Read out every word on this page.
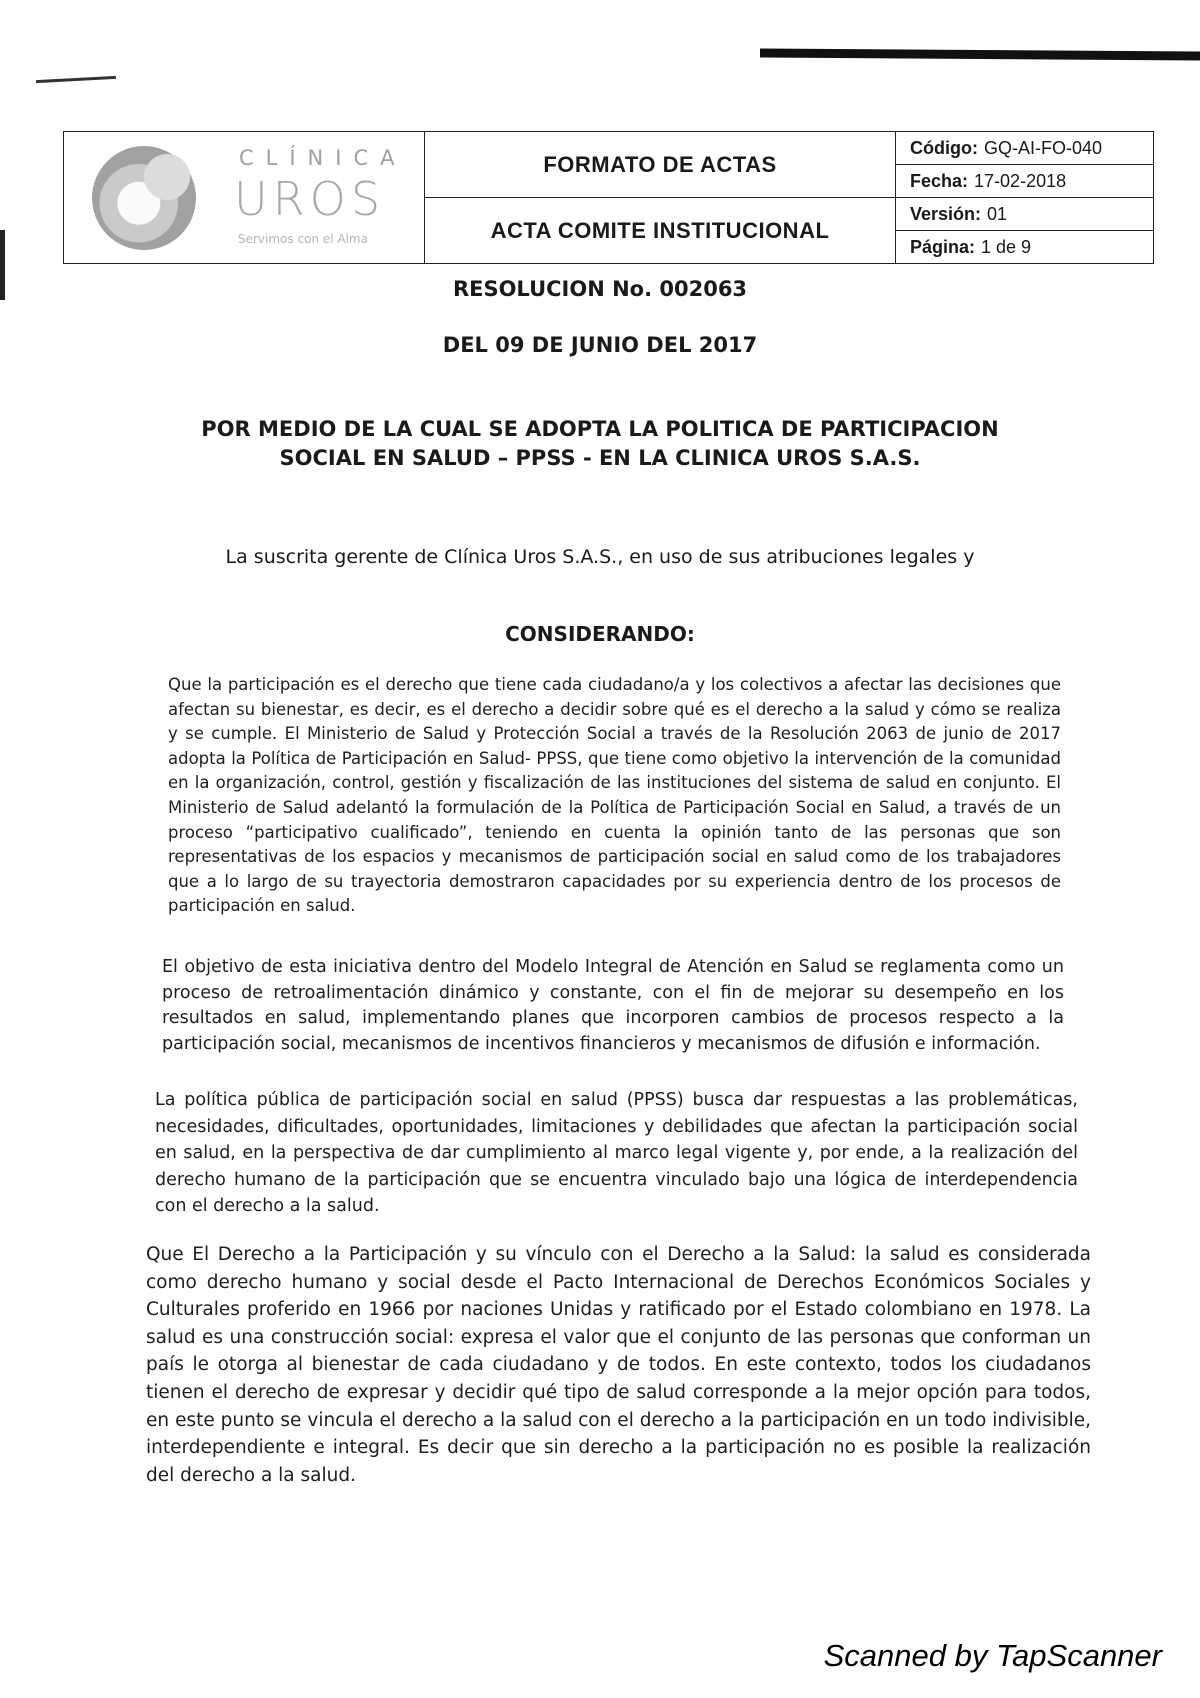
CLÍNICA
UROS
Servimos con el Alma
FORMATO DE ACTAS
ACTA COMITE INSTITUCIONAL
Código: GQ-AI-FO-040
Fecha: 17-02-2018
Versión: 01
Página: 1 de 9
RESOLUCION No. 002063
DEL 09 DE JUNIO DEL 2017
POR MEDIO DE LA CUAL SE ADOPTA LA POLITICA DE PARTICIPACION
SOCIAL EN SALUD – PPSS - EN LA CLINICA UROS S.A.S.
La suscrita gerente de Clínica Uros S.A.S., en uso de sus atribuciones legales y
CONSIDERANDO:

Que la participación es el derecho que tiene cada ciudadano/a y los colectivos a afectar las decisiones que afectan su bienestar, es decir, es el derecho a decidir sobre qué es el derecho a la salud y cómo se realiza y se cumple. El Ministerio de Salud y Protección Social a través de la Resolución 2063 de junio de 2017 adopta la Política de Participación en Salud- PPSS, que tiene como objetivo la intervención de la comunidad en la organización, control, gestión y fiscalización de las instituciones del sistema de salud en conjunto. El Ministerio de Salud adelantó la formulación de la Política de Participación Social en Salud, a través de un proceso “participativo cualificado”, teniendo en cuenta la opinión tanto de las personas que son representativas de los espacios y mecanismos de participación social en salud como de los trabajadores que a lo largo de su trayectoria demostraron capacidades por su experiencia dentro de los procesos de participación en salud.

El objetivo de esta iniciativa dentro del Modelo Integral de Atención en Salud se reglamenta como un proceso de retroalimentación dinámico y constante, con el fin de mejorar su desempeño en los resultados en salud, implementando planes que incorporen cambios de procesos respecto a la participación social, mecanismos de incentivos financieros y mecanismos de difusión e información.

La política pública de participación social en salud (PPSS) busca dar respuestas a las problemáticas, necesidades, dificultades, oportunidades, limitaciones y debilidades que afectan la participación social en salud, en la perspectiva de dar cumplimiento al marco legal vigente y, por ende, a la realización del derecho humano de la participación que se encuentra vinculado bajo una lógica de interdependencia con el derecho a la salud.

Que El Derecho a la Participación y su vínculo con el Derecho a la Salud: la salud es considerada como derecho humano y social desde el Pacto Internacional de Derechos Económicos Sociales y Culturales proferido en 1966 por naciones Unidas y ratificado por el Estado colombiano en 1978. La salud es una construcción social: expresa el valor que el conjunto de las personas que conforman un país le otorga al bienestar de cada ciudadano y de todos. En este contexto, todos los ciudadanos tienen el derecho de expresar y decidir qué tipo de salud corresponde a la mejor opción para todos, en este punto se vincula el derecho a la salud con el derecho a la participación en un todo indivisible, interdependiente e integral. Es decir que sin derecho a la participación no es posible la realización del derecho a la salud.

Scanned by TapScanner
